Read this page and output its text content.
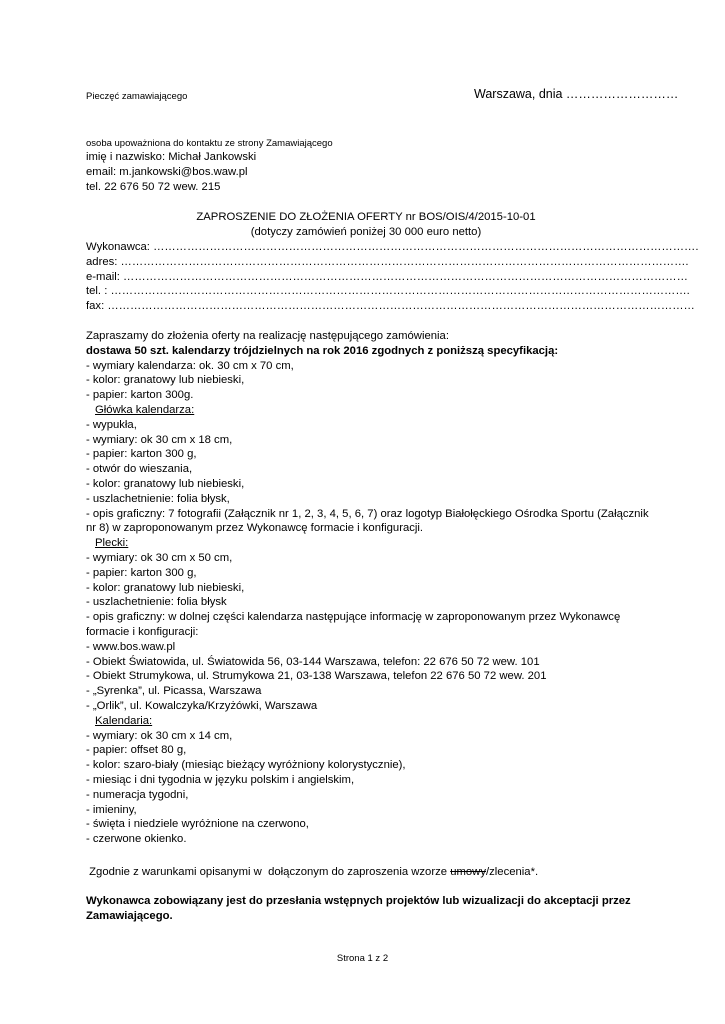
Pieczęć zamawiającego	Warszawa, dnia ………………………
osoba upoważniona do kontaktu ze strony Zamawiającego
imię i nazwisko: Michał Jankowski
email: m.jankowski@bos.waw.pl
tel. 22 676 50 72 wew. 215
ZAPROSZENIE DO ZŁOŻENIA OFERTY nr BOS/OIS/4/2015-10-01
(dotyczy zamówień poniżej 30 000 euro netto)
Wykonawca: ……………………………………………………………………………………………………………………………….
adres: …………………………………………………………………………………………………………………………………….
e-mail: ……………………………………………………………………………………………………………………………………
tel. : ……………………………………………………………………………………………………………………………………….
fax: …………………………………………………………………………………………………………………………………………
Zapraszamy do złożenia oferty na realizację następującego zamówienia:
dostawa 50 szt. kalendarzy trójdzielnych na rok 2016 zgodnych z poniższą specyfikacją:
- wymiary kalendarza: ok. 30 cm x 70 cm,
- kolor: granatowy lub niebieski,
- papier: karton 300g.
Główka kalendarza:
- wypukła,
- wymiary: ok 30 cm x 18 cm,
- papier: karton 300 g,
- otwór do wieszania,
- kolor: granatowy lub niebieski,
- uszlachetnienie: folia błysk,
- opis graficzny: 7 fotografii (Załącznik nr 1, 2, 3, 4, 5, 6, 7) oraz logotyp Białołęckiego Ośrodka Sportu (Załącznik
nr 8) w zaproponowanym przez Wykonawcę formacie i konfiguracji.
Plecki:
- wymiary: ok 30 cm x 50 cm,
- papier: karton 300 g,
- kolor: granatowy lub niebieski,
- uszlachetnienie: folia błysk
- opis graficzny: w dolnej części kalendarza następujące informację w zaproponowanym przez Wykonawcę
formacie i konfiguracji:
- www.bos.waw.pl
- Obiekt Światowida, ul. Światowida 56, 03-144 Warszawa, telefon: 22 676 50 72 wew. 101
- Obiekt Strumykowa, ul. Strumykowa 21, 03-138 Warszawa, telefon 22 676 50 72 wew. 201
- „Syrenka”, ul. Picassa, Warszawa
- „Orlik”, ul. Kowalczyka/Krzyżówki, Warszawa
Kalendaria:
- wymiary: ok 30 cm x 14 cm,
- papier: offset 80 g,
- kolor: szaro-biały (miesiąc bieżący wyróżniony kolorystycznie),
- miesiąc i dni tygodnia w języku polskim i angielskim,
- numeracja tygodni,
- imieniny,
- święta i niedziele wyróżnione na czerwono,
- czerwone okienko.
Zgodnie z warunkami opisanymi w  dołączonym do zaproszenia wzorze umowy/zlecenia*.
Wykonawca zobowiązany jest do przesłania wstępnych projektów lub wizualizacji do akceptacji przez
Zamawiającego.
Strona 1 z 2
